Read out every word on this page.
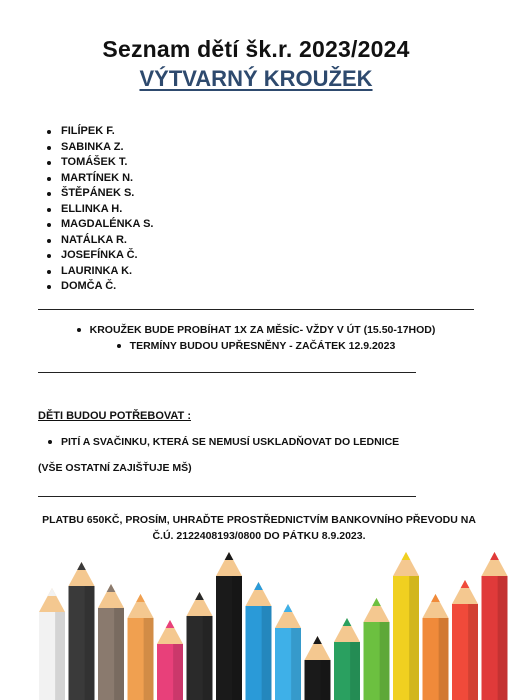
Seznam dětí šk.r. 2023/2024
VÝTVARNÝ KROUŽEK
FILÍPEK F.
SABINKA Z.
TOMÁŠEK T.
MARTÍNEK N.
ŠTĚPÁNEK S.
ELLINKA H.
MAGDALÉNKA S.
NATÁLKA R.
JOSEFÍNKA Č.
LAURINKA K.
DOMČA Č.
KROUŽEK BUDE PROBÍHAT 1X ZA MĚSÍC- VŽDY V ÚT (15.50-17HOD)
TERMÍNY BUDOU UPŘESNĚNY - ZAČÁTEK 12.9.2023
DĚTI BUDOU POTŘEBOVAT :
PITÍ A SVAČINKU, KTERÁ SE NEMUSÍ USKLADŇOVAT DO LEDNICE
(VŠE OSTATNÍ ZAJIŠŤUJE MŠ)
PLATBU 650KČ, PROSÍM, UHRAĎTE PROSTŘEDNICTVÍM BANKOVNÍHO PŘEVODU NA
Č.Ú. 2122408193/0800 DO PÁTKU 8.9.2023.
